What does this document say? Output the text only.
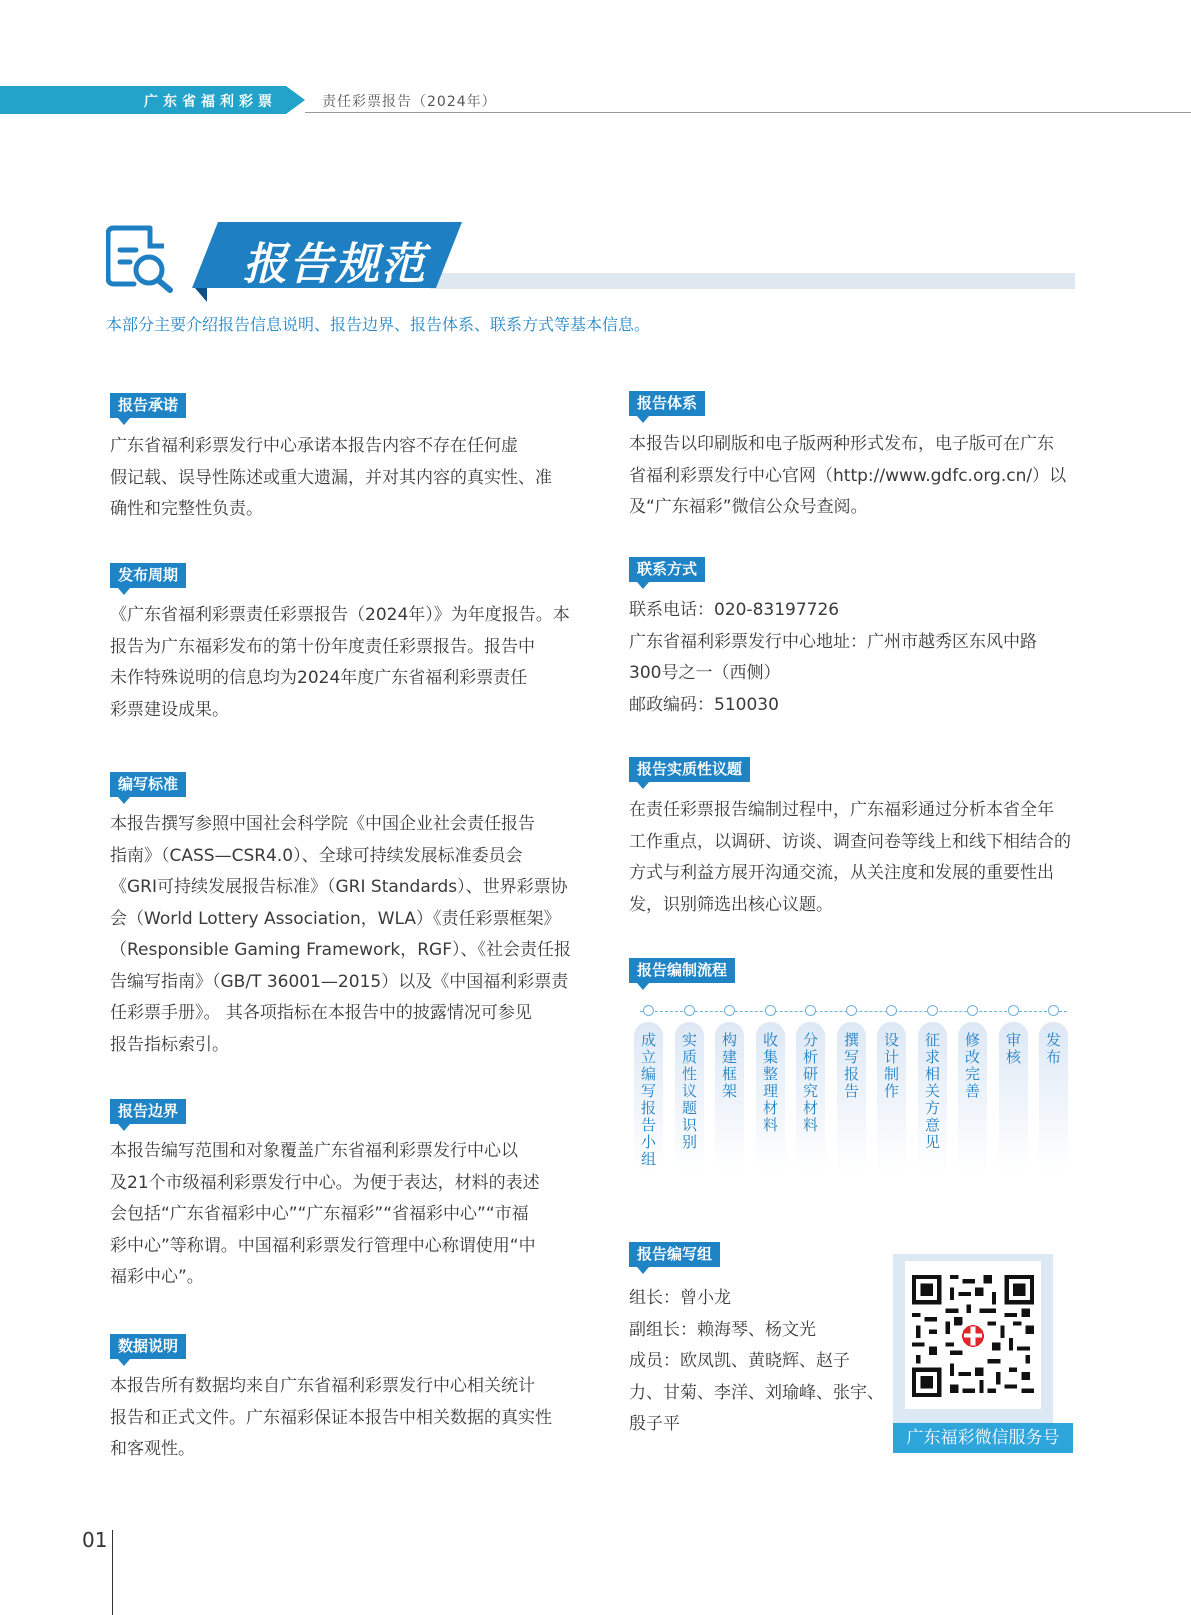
广东省福利彩票	责任彩票报告（2024年）
报告规范
本部分主要介绍报告信息说明、报告边界、报告体系、联系方式等基本信息。
报告承诺
广东省福利彩票发行中心承诺本报告内容不存在任何虚
假记载、误导性陈述或重大遗漏，并对其内容的真实性、准
确性和完整性负责。
发布周期
《广东省福利彩票责任彩票报告（2024年）》为年度报告。本
报告为广东福彩发布的第十份年度责任彩票报告。报告中
未作特殊说明的信息均为2024年度广东省福利彩票责任
彩票建设成果。
编写标准
本报告撰写参照中国社会科学院《中国企业社会责任报告
指南》（CASS—CSR4.0）、全球可持续发展标准委员会
《GRI可持续发展报告标准》（GRI Standards）、世界彩票协
会（World Lottery Association，WLA）《责任彩票框架》
（Responsible Gaming Framework，RGF）、《社会责任报
告编写指南》（GB/T 36001—2015）以及《中国福利彩票责
任彩票手册》。 其各项指标在本报告中的披露情况可参见
报告指标索引。
报告边界
本报告编写范围和对象覆盖广东省福利彩票发行中心以
及21个市级福利彩票发行中心。为便于表达，材料的表述
会包括“广东省福彩中心”“广东福彩”“省福彩中心”“市福
彩中心”等称谓。中国福利彩票发行管理中心称谓使用“中
福彩中心”。
数据说明
本报告所有数据均来自广东省福利彩票发行中心相关统计
报告和正式文件。广东福彩保证本报告中相关数据的真实性
和客观性。
报告体系
本报告以印刷版和电子版两种形式发布，电子版可在广东
省福利彩票发行中心官网（http://www.gdfc.org.cn/）以
及“广东福彩”微信公众号查阅。
联系方式
联系电话：020-83197726
广东省福利彩票发行中心地址：广州市越秀区东风中路
300号之一（西侧）
邮政编码：510030
报告实质性议题
在责任彩票报告编制过程中，广东福彩通过分析本省全年
工作重点，以调研、访谈、调查问卷等线上和线下相结合的
方式与利益方展开沟通交流，从关注度和发展的重要性出
发，识别筛选出核心议题。
报告编制流程
成立编写报告小组
实质性议题识别
构建框架
收集整理材料
分析研究材料
撰写报告
设计制作
征求相关方意见
修改完善
审核
发布
报告编写组
组长：曾小龙
副组长：赖海琴、杨文光
成员：欧凤凯、黄晓辉、赵子
力、甘菊、李洋、刘瑜峰、张宇、
殷子平
广东福彩微信服务号
01
